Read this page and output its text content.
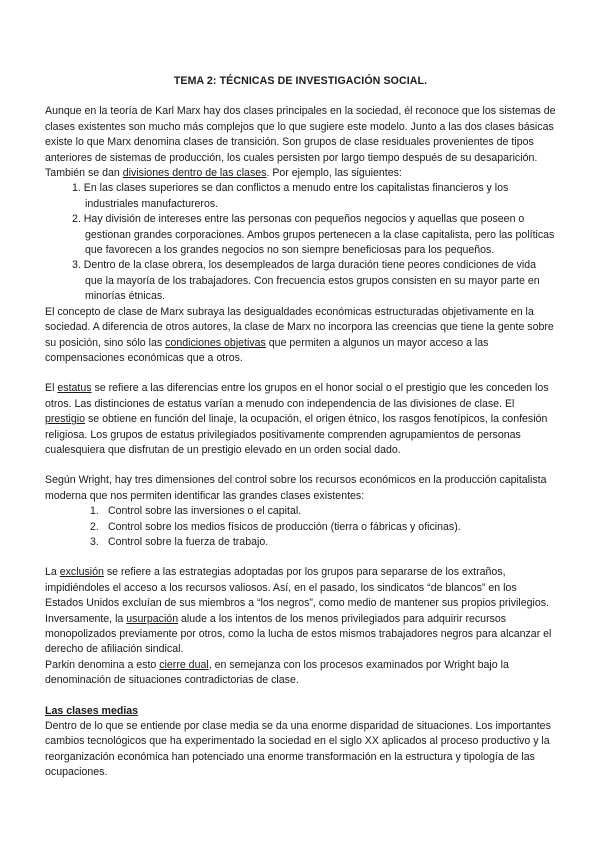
TEMA 2: TÉCNICAS DE INVESTIGACIÓN SOCIAL.

Aunque en la teoría de Karl Marx hay dos clases principales en la sociedad, él reconoce que los sistemas de clases existentes son mucho más complejos que lo que sugiere este modelo. Junto a las dos clases básicas existe lo que Marx denomina clases de transición. Son grupos de clase residuales provenientes de tipos anteriores de sistemas de producción, los cuales persisten por largo tiempo después de su desaparición. También se dan divisiones dentro de las clases. Por ejemplo, las siguientes:

1. En las clases superiores se dan conflictos a menudo entre los capitalistas financieros y los industriales manufactureros.

2. Hay división de intereses entre las personas con pequeños negocios y aquellas que poseen o gestionan grandes corporaciones. Ambos grupos pertenecen a la clase capitalista, pero las políticas que favorecen a los grandes negocios no son siempre beneficiosas para los pequeños.

3. Dentro de la clase obrera, los desempleados de larga duración tiene peores condiciones de vida que la mayoría de los trabajadores. Con frecuencia estos grupos consisten en su mayor parte en minorías étnicas.

El concepto de clase de Marx subraya las desigualdades económicas estructuradas objetivamente en la sociedad. A diferencia de otros autores, la clase de Marx no incorpora las creencias que tiene la gente sobre su posición, sino sólo las condiciones objetivas que permiten a algunos un mayor acceso a las compensaciones económicas que a otros.

El estatus se refiere a las diferencias entre los grupos en el honor social o el prestigio que les conceden los otros. Las distinciones de estatus varían a menudo con independencia de las divisiones de clase. El prestigio se obtiene en función del linaje, la ocupación, el origen étnico, los rasgos fenotípicos, la confesión religiosa. Los grupos de estatus privilegiados positivamente comprenden agrupamientos de personas cualesquiera que disfrutan de un prestigio elevado en un orden social dado.

Según Wright, hay tres dimensiones del control sobre los recursos económicos en la producción capitalista moderna que nos permiten identificar las grandes clases existentes:

1. Control sobre las inversiones o el capital.
2. Control sobre los medios físicos de producción (tierra o fábricas y oficinas).
3. Control sobre la fuerza de trabajo.

La exclusión se refiere a las estrategias adoptadas por los grupos para separarse de los extraños, impidiéndoles el acceso a los recursos valiosos. Así, en el pasado, los sindicatos “de blancos” en los Estados Unidos excluían de sus miembros a “los negros”, como medio de mantener sus propios privilegios.

Inversamente, la usurpación alude a los intentos de los menos privilegiados para adquirir recursos monopolizados previamente por otros, como la lucha de estos mismos trabajadores negros para alcanzar el derecho de afiliación sindical.

Parkin denomina a esto cierre dual, en semejanza con los procesos examinados por Wright bajo la denominación de situaciones contradictorias de clase.

Las clases medias

Dentro de lo que se entiende por clase media se da una enorme disparidad de situaciones. Los importantes cambios tecnológicos que ha experimentado la sociedad en el siglo XX aplicados al proceso productivo y la reorganización económica han potenciado una enorme transformación en la estructura y tipología de las ocupaciones.
